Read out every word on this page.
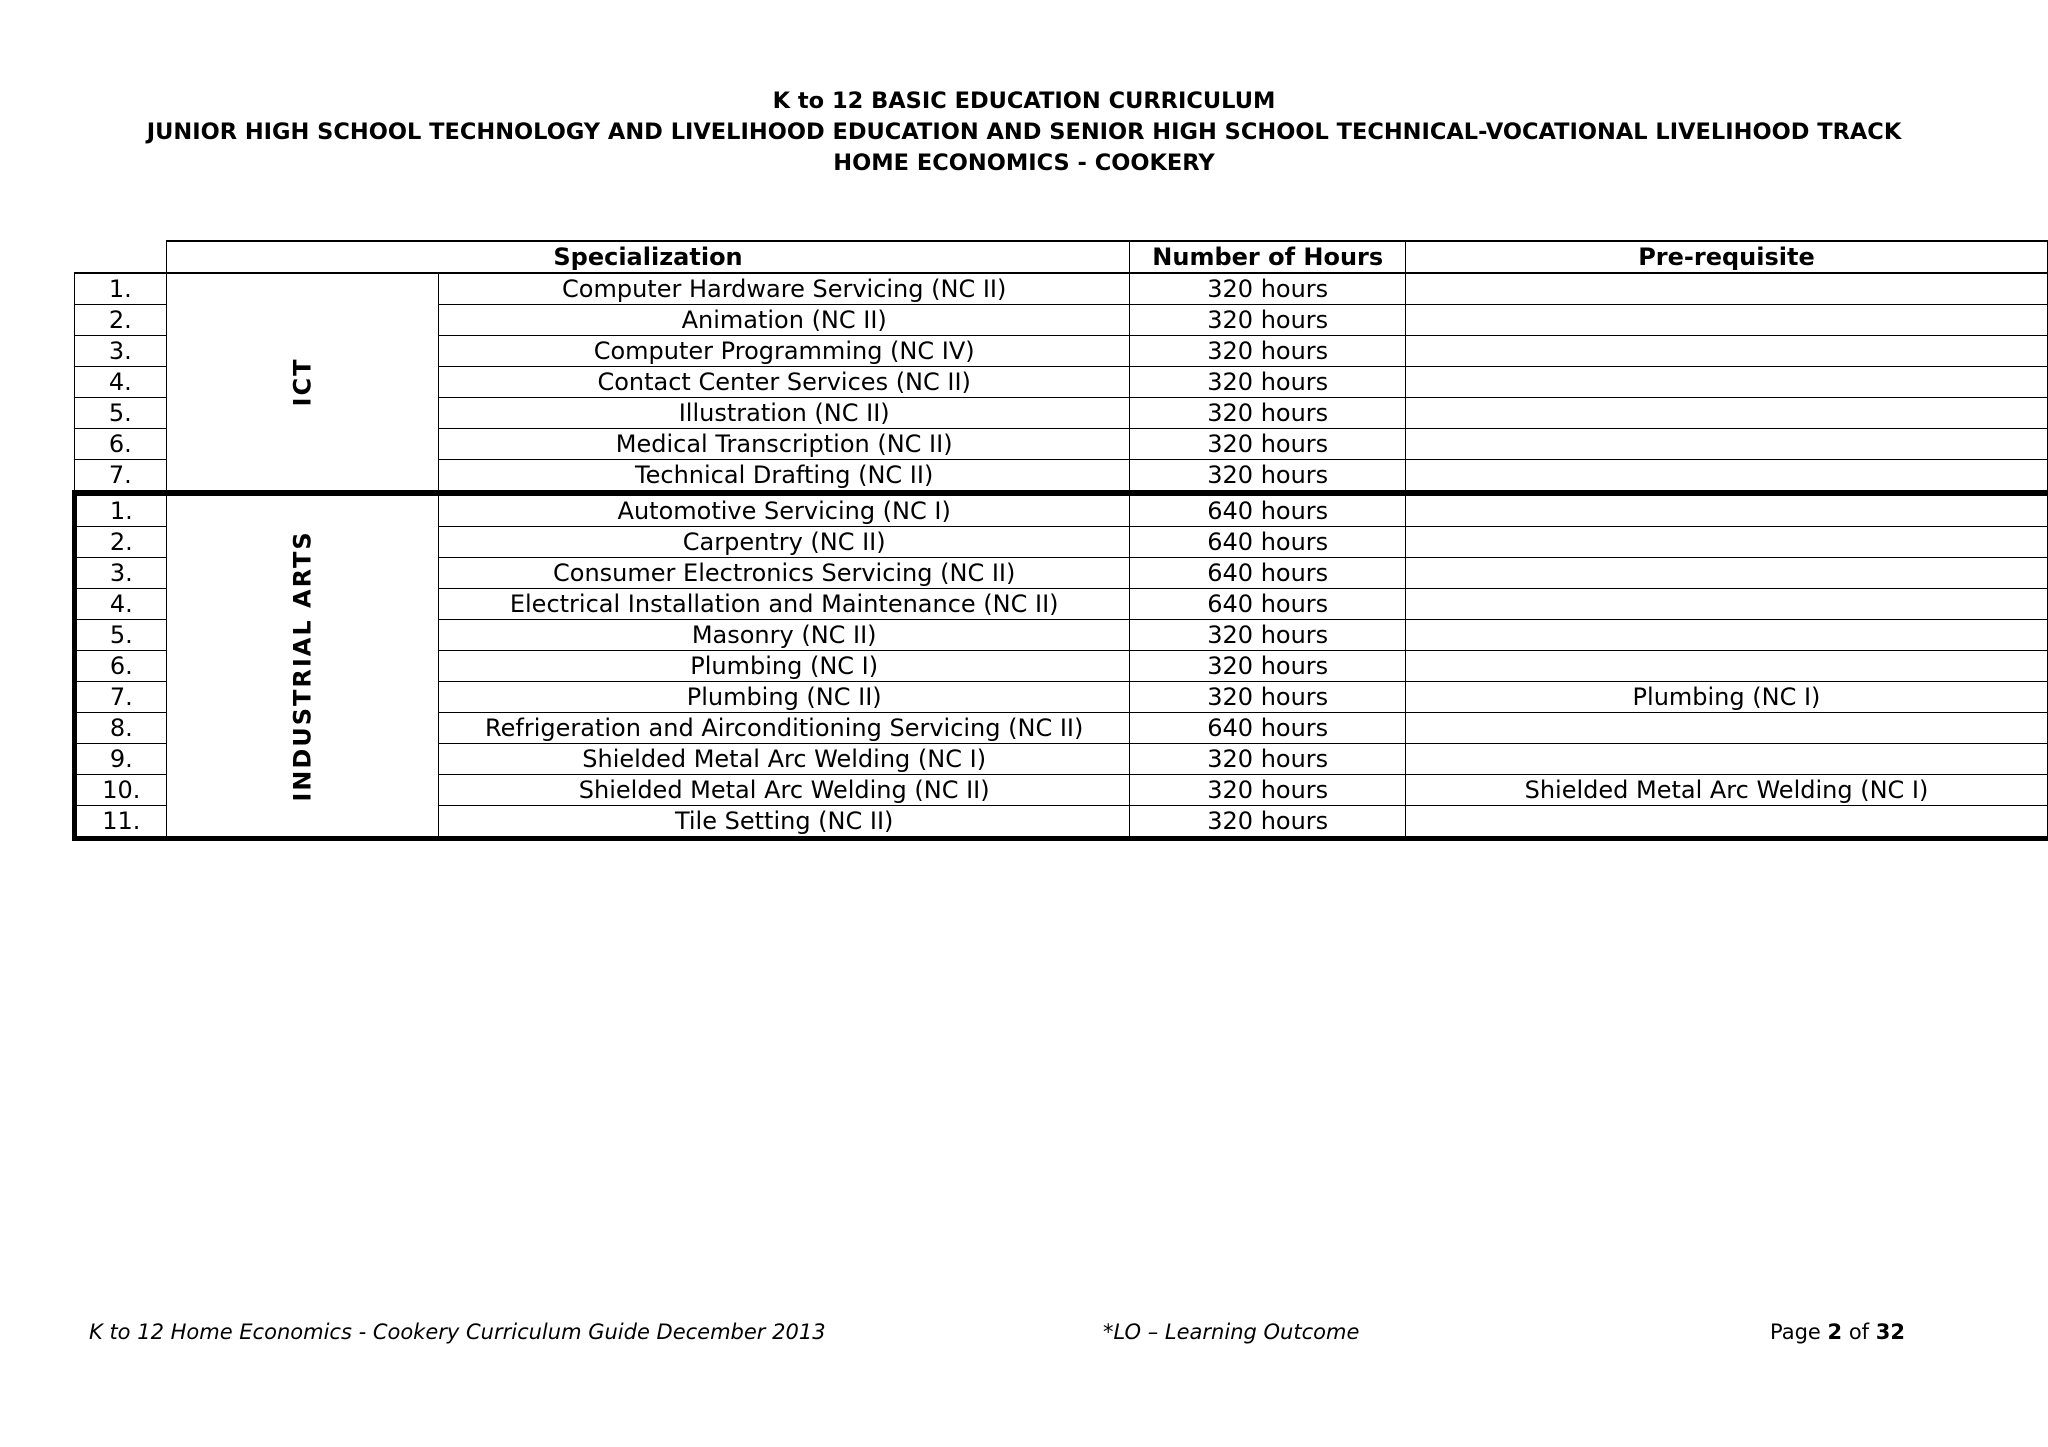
K to 12 BASIC EDUCATION CURRICULUM
JUNIOR HIGH SCHOOL TECHNOLOGY AND LIVELIHOOD EDUCATION AND SENIOR HIGH SCHOOL TECHNICAL-VOCATIONAL LIVELIHOOD TRACK
HOME ECONOMICS - COOKERY
	Specialization		Number of Hours	Pre-requisite
1.	ICT	Computer Hardware Servicing (NC II)	320 hours	
2.		Animation (NC II)	320 hours	
3.		Computer Programming (NC IV)	320 hours	
4.		Contact Center Services (NC II)	320 hours	
5.		Illustration (NC II)	320 hours	
6.		Medical Transcription (NC II)	320 hours	
7.		Technical Drafting (NC II)	320 hours	
1.	INDUSTRIAL ARTS	Automotive Servicing (NC I)	640 hours	
2.		Carpentry (NC II)	640 hours	
3.		Consumer Electronics Servicing (NC II)	640 hours	
4.		Electrical Installation and Maintenance (NC II)	640 hours	
5.		Masonry (NC II)	320 hours	
6.		Plumbing (NC I)	320 hours	
7.		Plumbing (NC II)	320 hours	Plumbing (NC I)
8.		Refrigeration and Airconditioning Servicing (NC II)	640 hours	
9.		Shielded Metal Arc Welding (NC I)	320 hours	
10.		Shielded Metal Arc Welding (NC II)	320 hours	Shielded Metal Arc Welding (NC I)
11.		Tile Setting (NC II)	320 hours	
K to 12 Home Economics - Cookery Curriculum Guide December 2013	*LO – Learning Outcome	Page 2 of 32
